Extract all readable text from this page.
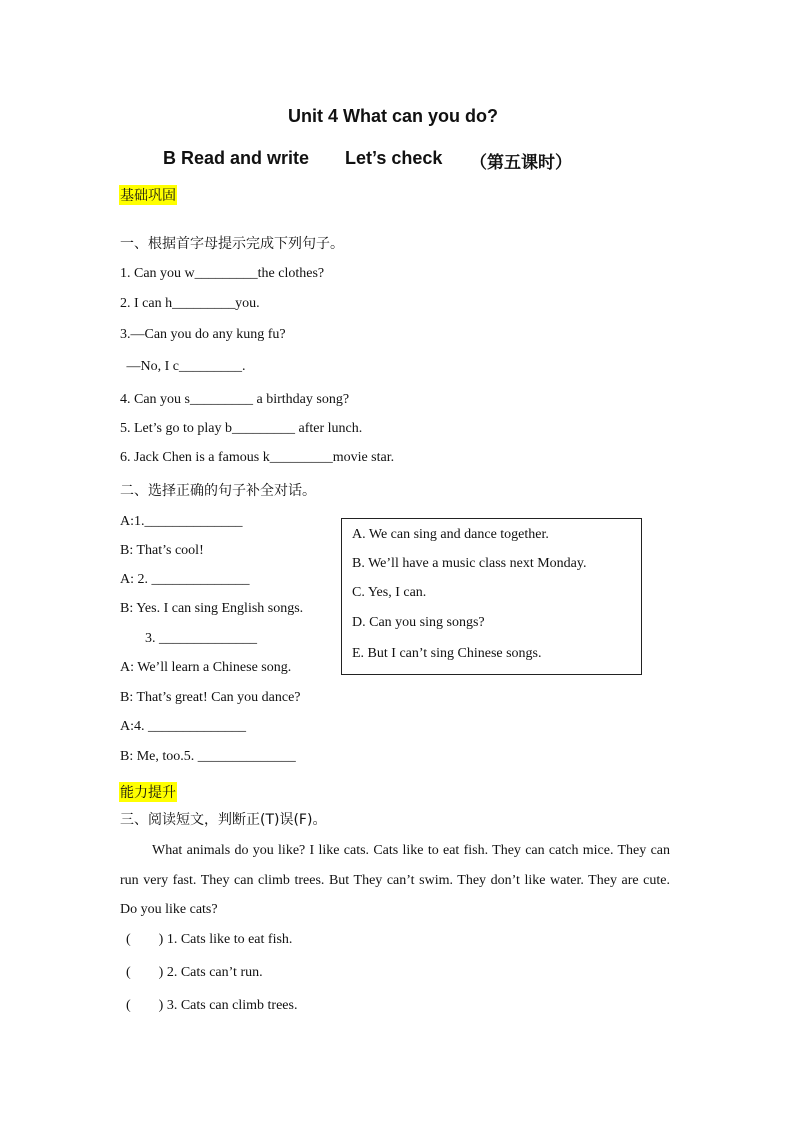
Unit 4 What can you do?
B Read and write Let’s check （第五课时）
基础巩固
一、根据首字母提示完成下列句子。
1. Can you w_________the clothes?
2. I can h_________you.
3.—Can you do any kung fu?
—No, I c_________.
4. Can you s_________ a birthday song?
5. Let’s go to play b_________ after lunch.
6. Jack Chen is a famous k_________movie star.
二、选择正确的句子补全对话。
A:1.______________
B: That’s cool!
A: 2. ______________
B: Yes. I can sing English songs.
3. ______________
A: We’ll learn a Chinese song.
B: That’s great! Can you dance?
A:4. ______________
B: Me, too.5. ______________
A. We can sing and dance together.
B. We’ll have a music class next Monday.
C. Yes, I can.
D. Can you sing songs?
E. But I can’t sing Chinese songs.
能力提升
三、阅读短文，判断正(T)误(F)。
What animals do you like? I like cats. Cats like to eat fish. They can catch mice. They can run very fast. They can climb trees. But They can’t swim. They don’t like water. They are cute. Do you like cats?
(        ) 1. Cats like to eat fish.
(        ) 2. Cats can’t run.
(        ) 3. Cats can climb trees.
